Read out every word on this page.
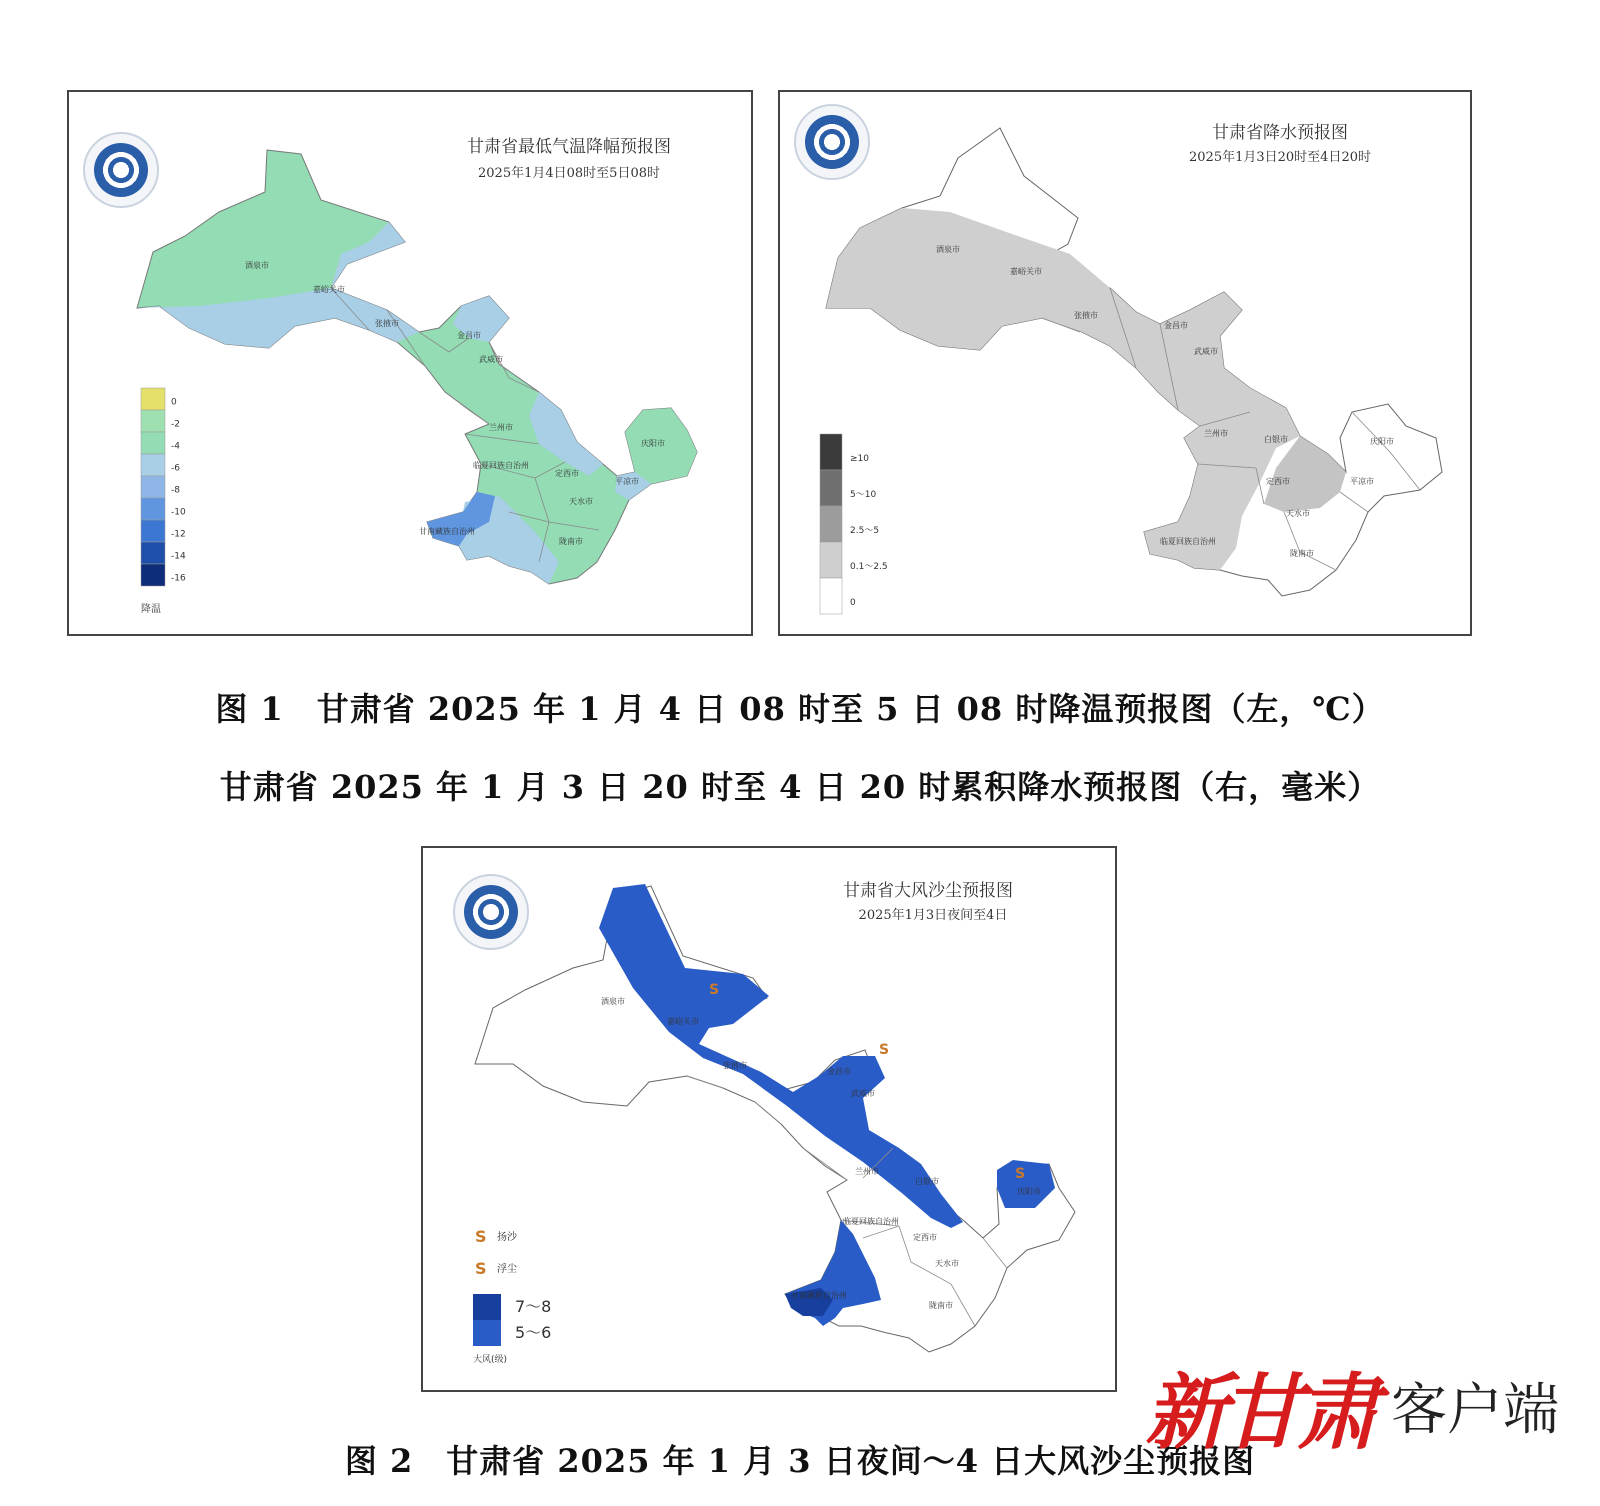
甘肃省最低气温降幅预报图
2025年1月4日08时至5日08时
酒泉市
嘉峪关市
张掖市
金昌市
武威市
兰州市
庆阳市
平凉市
临夏回族自治州
定西市
天水市
甘南藏族自治州
陇南市
0
-2
-4
-6
-8
-10
-12
-14
-16
降温
甘肃省降水预报图
2025年1月3日20时至4日20时
酒泉市
嘉峪关市
张掖市
金昌市
武威市
兰州市
白银市
定西市
庆阳市
平凉市
天水市
临夏回族自治州
陇南市
≥10
5～10
2.5～5
0.1～2.5
0
甘肃省大风沙尘预报图
2025年1月3日夜间至4日
S
S
S
酒泉市
嘉峪关市
张掖市
金昌市
武威市
兰州市
白银市
临夏回族自治州
甘南藏族自治州
定西市
庆阳市
天水市
陇南市
S 扬沙
S 浮尘
7～8
5～6
大风(级)
图 1　甘肃省 2025 年 1 月 4 日 08 时至 5 日 08 时降温预报图（左，℃）
甘肃省 2025 年 1 月 3 日 20 时至 4 日 20 时累积降水预报图（右，毫米）
图 2　甘肃省 2025 年 1 月 3 日夜间～4 日大风沙尘预报图
新甘肃 客户端
